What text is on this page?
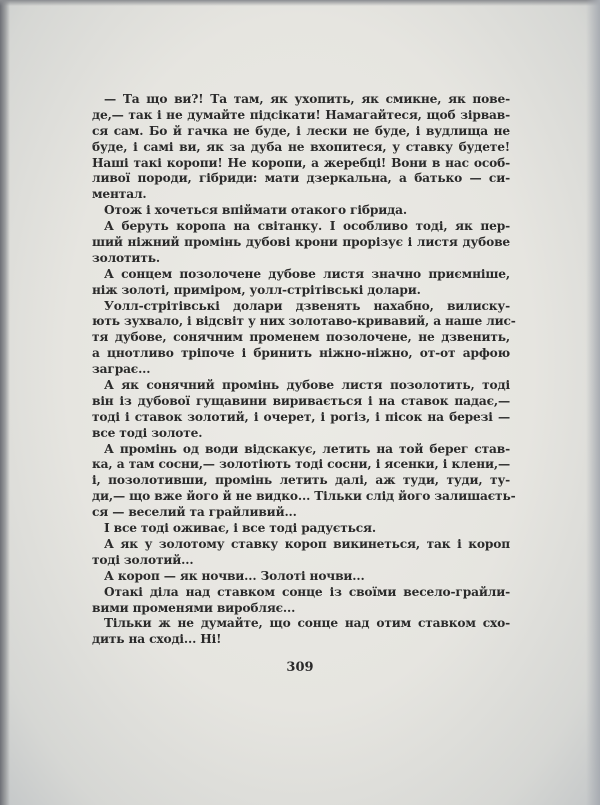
— Та що ви?! Та там, як ухопить, як смикне, як пове-
де,— так і не думайте підсікати! Намагайтеся, щоб зірвав-
ся сам. Бо й гачка не буде, і лески не буде, і вудлища не
буде, і самі ви, як за дуба не вхопитеся, у ставку будете!
Наші такі коропи! Не коропи, а жеребці! Вони в нас особ-
ливої породи, гібриди: мати дзеркальна, а батько — си-
ментал.
Отож і хочеться впіймати отакого гібрида.
А беруть коропа на світанку. І особливо тоді, як пер-
ший ніжний промінь дубові крони прорізує і листя дубове
золотить.
А сонцем позолочене дубове листя значно приємніше,
ніж золоті, приміром, уолл-стрітівські долари.
Уолл-стрітівські долари дзвенять нахабно, вилиску-
ють зухвало, і відсвіт у них золотаво-кривавий, а наше лис-
тя дубове, сонячним променем позолочене, не дзвенить,
а цнотливо тріпоче і бринить ніжно-ніжно, от-от арфою
заграє...
А як сонячний промінь дубове листя позолотить, тоді
він із дубової гущавини виривається і на ставок падає,—
тоді і ставок золотий, і очерет, і рогіз, і пісок на березі —
все тоді золоте.
А промінь од води відскакує, летить на той берег став-
ка, а там сосни,— золотіють тоді сосни, і ясенки, і клени,—
і, позолотивши, промінь летить далі, аж туди, туди, ту-
ди,— що вже його й не видко... Тільки слід його залишаєть-
ся — веселий та грайливий...
І все тоді оживає, і все тоді радується.
А як у золотому ставку короп викинеться, так і короп
тоді золотий...
А короп — як ночви... Золоті ночви...
Отакі діла над ставком сонце із своїми весело-грайли-
вими променями виробляє...
Тільки ж не думайте, що сонце над отим ставком схо-
дить на сході... Ні!
309
